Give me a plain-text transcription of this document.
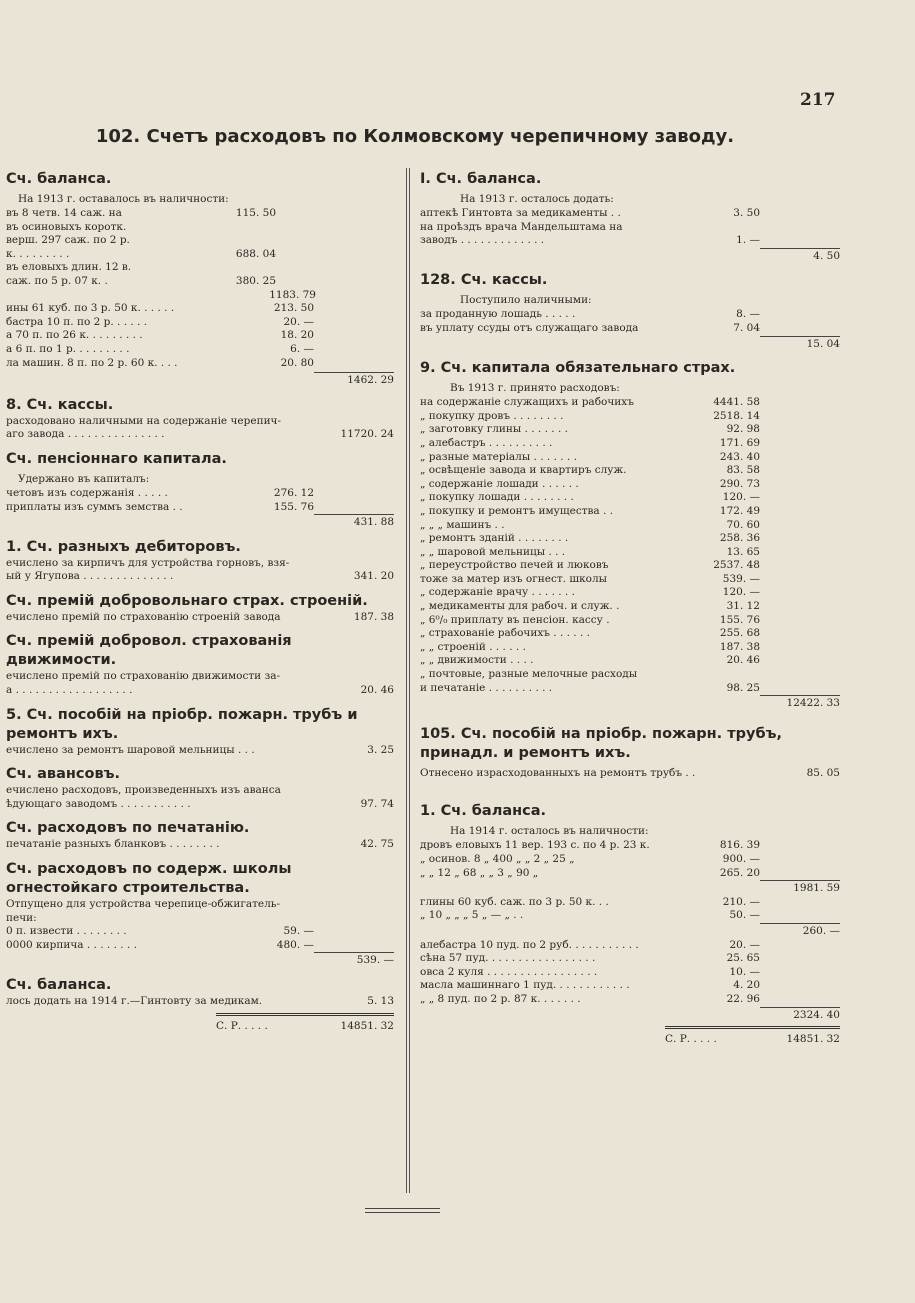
217
102. Счетъ расходовъ по Колмовскому черепичному заводу.
Сч. баланса.
На 1913 г. оставалось въ наличности:
въ 8 четв. 14 саж. на	115. 50
въ осиновыхъ коротк.
верш. 297 саж. по 2 р.
к. . . . . . . . .	688. 04
въ еловыхъ длин. 12 в.
саж. по 5 р. 07 к. .	380. 25
1183. 79
ины 61 куб. по 3 р. 50 к. . . . . .	213. 50
бастра 10 п. по 2 р. . . . . .	20. —
а 70 п. по 26 к. . . . . . . . .	18. 20
а 6 п. по 1 р. . . . . . . . .	6. —
ла машин. 8 п. по 2 р. 60 к. . . .	20. 80
1462. 29
8. Сч. кассы.
расходовано наличными на содержаніе черепич-
аго завода . . . . . . . . . . . . . . .	11720. 24
Сч. пенсіоннаго капитала.
Удержано въ капиталъ:
четовъ изъ содержанія . . . . .	276. 12
приплаты изъ суммъ земства . .	155. 76
431. 88
1. Сч. разныхъ дебиторовъ.
ечислено за кирпичъ для устройства горновъ, взя-
ый у Ягупова . . . . . . . . . . . . . .	341. 20
Сч. премій добровольнаго страх. строеній.
ечислено премій по страхованію строеній завода	187. 38
Сч. премій добровол. страхованія движимости.
ечислено премій по страхованію движимости за-
а . . . . . . . . . . . . . . . . . .	20. 46
5. Сч. пособій на пріобр. пожарн. трубъ и ремонтъ ихъ.
ечислено за ремонтъ шаровой мельницы . . .	3. 25
Сч. авансовъ.
ечислено расходовъ, произведенныхъ изъ аванса
ѣдующаго заводомъ . . . . . . . . . . .	97. 74
Сч. расходовъ по печатанію.
печатаніе разныхъ бланковъ . . . . . . . .	42. 75
Сч. расходовъ по содерж. школы огнестойкаго строительства.
Отпущено для устройства черепице-обжигатель-
печи:
0 п. извести . . . . . . . .	59. —
0000 кирпича . . . . . . . .	480. —
539. —
Сч. баланса.
лось додать на 1914 г.—Гинтовту за медикам.	5. 13
С. Р. . . . .	14851. 32
I. Сч. баланса.
На 1913 г. осталось додать:
аптекѣ Гинтовта за медикаменты . .	3. 50
на проѣздъ врача Мандельштама на
заводъ . . . . . . . . . . . . .	1. —
4. 50
128. Сч. кассы.
Поступило наличными:
за проданную лошадь . . . . .	8. —
въ уплату ссуды отъ служащаго завода	7. 04
15. 04
9. Сч. капитала обязательнаго страх.
Въ 1913 г. принято расходовъ:
на содержаніе служащихъ и рабочихъ	4441. 58
„ покупку дровъ . . . . . . . .	2518. 14
„ заготовку глины . . . . . . .	92. 98
„ алебастръ . . . . . . . . . .	171. 69
„ разные матеріалы . . . . . . .	243. 40
„ освѣщеніе завода и квартиръ служ.	83. 58
„ содержаніе лошади . . . . . .	290. 73
„ покупку лошади . . . . . . . .	120. —
„ покупку и ремонтъ имущества . .	172. 49
„ „ „ машинъ . .	70. 60
„ ремонтъ зданій . . . . . . . .	258. 36
„ „ шаровой мельницы . . .	13. 65
„ переустройство печей и люковъ	2537. 48
тоже за матер изъ огнест. школы	539. —
„ содержаніе врачу . . . . . . .	120. —
„ медикаменты для рабоч. и служ. .	31. 12
„ 6⁰/₀ приплату въ пенсіон. кассу .	155. 76
„ страхованіе рабочихъ . . . . . .	255. 68
„ „ строеній . . . . . .	187. 38
„ „ движимости . . . .	20. 46
„ почтовые, разные мелочные расходы
и печатаніе . . . . . . . . . .	98. 25
12422. 33
105. Сч. пособій на пріобр. пожарн. трубъ, принадл. и ремонтъ ихъ.
Отнесено израсходованныхъ на ремонтъ трубъ . .	85. 05
1. Сч. баланса.
На 1914 г. осталось въ наличности:
дровъ еловыхъ 11 вер. 193 с. по 4 р. 23 к.	816. 39
„ осинов. 8 „ 400 „ „ 2 „ 25 „	900. —
„ „ 12 „ 68 „ „ 3 „ 90 „	265. 20
1981. 59
глины 60 куб. саж. по 3 р. 50 к. . .	210. —
„ 10 „ „ „ 5 „ — „ . .	50. —
260. —
алебастра 10 пуд. по 2 руб. . . . . . . . . . .	20. —
сѣна 57 пуд. . . . . . . . . . . . . . . . .	25. 65
овса 2 куля . . . . . . . . . . . . . . . . .	10. —
масла машиннаго 1 пуд. . . . . . . . . . . .	4. 20
„ „ 8 пуд. по 2 р. 87 к. . . . . . .	22. 96
2324. 40
С. Р. . . . .	14851. 32
